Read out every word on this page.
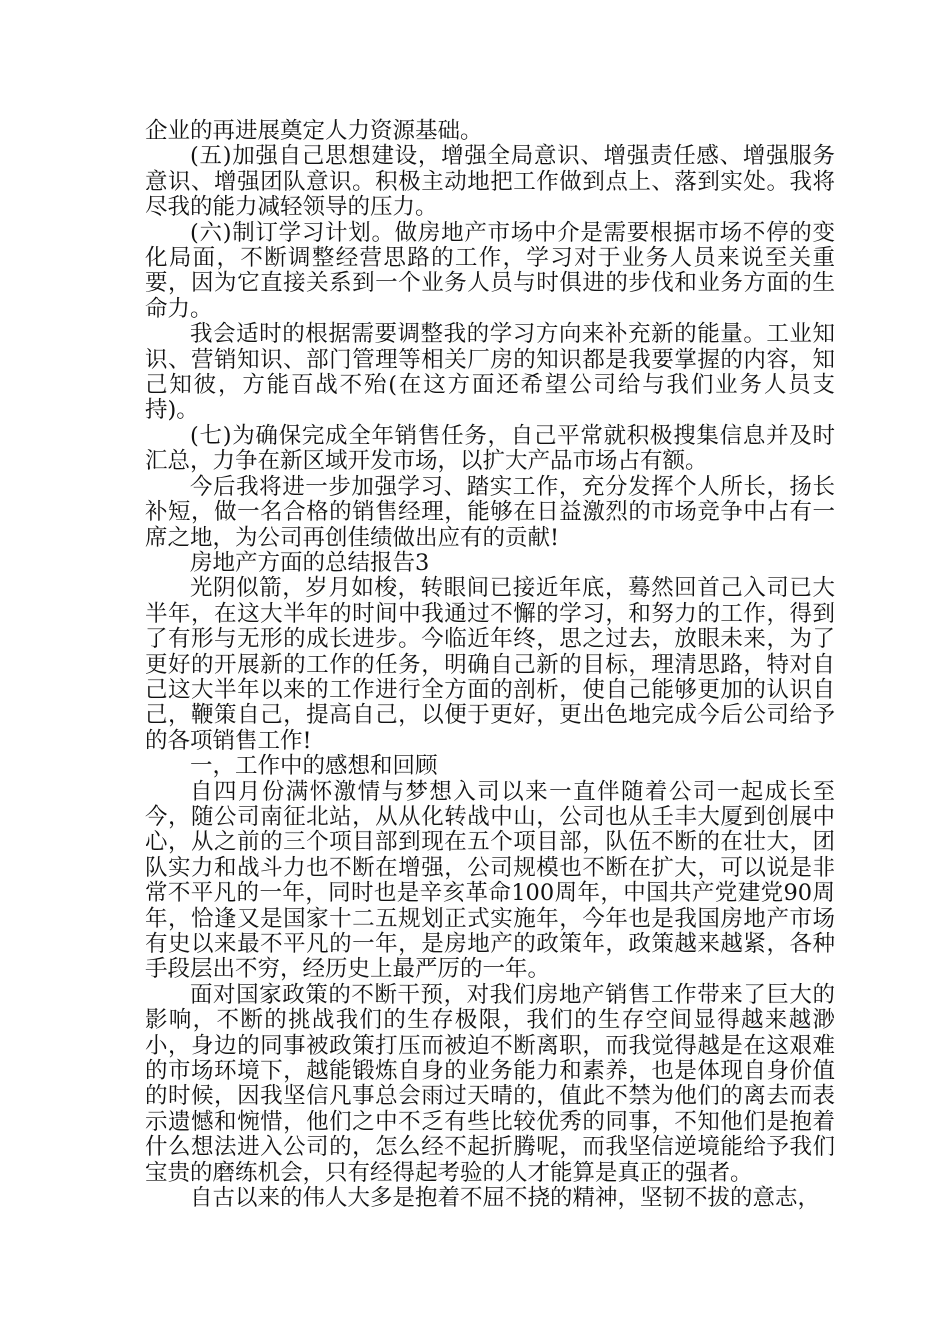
企业的再进展奠定人力资源基础。

(五)加强自己思想建设，增强全局意识、增强责任感、增强服务意识、增强团队意识。积极主动地把工作做到点上、落到实处。我将尽我的能力减轻领导的压力。

(六)制订学习计划。做房地产市场中介是需要根据市场不停的变化局面，不断调整经营思路的工作，学习对于业务人员来说至关重要，因为它直接关系到一个业务人员与时俱进的步伐和业务方面的生命力。

我会适时的根据需要调整我的学习方向来补充新的能量。工业知识、营销知识、部门管理等相关厂房的知识都是我要掌握的内容，知己知彼，方能百战不殆(在这方面还希望公司给与我们业务人员支持)。

(七)为确保完成全年销售任务，自己平常就积极搜集信息并及时汇总，力争在新区域开发市场，以扩大产品市场占有额。

今后我将进一步加强学习、踏实工作，充分发挥个人所长，扬长补短，做一名合格的销售经理，能够在日益激烈的市场竞争中占有一席之地，为公司再创佳绩做出应有的贡献!

房地产方面的总结报告3

光阴似箭，岁月如梭，转眼间已接近年底，蓦然回首己入司已大半年，在这大半年的时间中我通过不懈的学习，和努力的工作，得到了有形与无形的成长进步。今临近年终，思之过去，放眼未来，为了更好的开展新的工作的任务，明确自己新的目标，理清思路，特对自己这大半年以来的工作进行全方面的剖析，使自己能够更加的认识自己，鞭策自己，提高自己，以便于更好，更出色地完成今后公司给予的各项销售工作!

一，工作中的感想和回顾

自四月份满怀激情与梦想入司以来一直伴随着公司一起成长至今，随公司南征北站，从从化转战中山，公司也从壬丰大厦到创展中心，从之前的三个项目部到现在五个项目部，队伍不断的在壮大，团队实力和战斗力也不断在增强，公司规模也不断在扩大，可以说是非常不平凡的一年，同时也是辛亥革命100周年，中国共产党建党90周年，恰逢又是国家十二五规划正式实施年，今年也是我国房地产市场有史以来最不平凡的一年，是房地产的政策年，政策越来越紧，各种手段层出不穷，经历史上最严厉的一年。

面对国家政策的不断干预，对我们房地产销售工作带来了巨大的影响，不断的挑战我们的生存极限，我们的生存空间显得越来越渺小，身边的同事被政策打压而被迫不断离职，而我觉得越是在这艰难的市场环境下，越能锻炼自身的业务能力和素养，也是体现自身价值的时候，因我坚信凡事总会雨过天晴的，值此不禁为他们的离去而表示遗憾和惋惜，他们之中不乏有些比较优秀的同事，不知他们是抱着什么想法进入公司的，怎么经不起折腾呢，而我坚信逆境能给予我们宝贵的磨练机会，只有经得起考验的人才能算是真正的强者。

自古以来的伟人大多是抱着不屈不挠的精神，坚韧不拔的意志，
